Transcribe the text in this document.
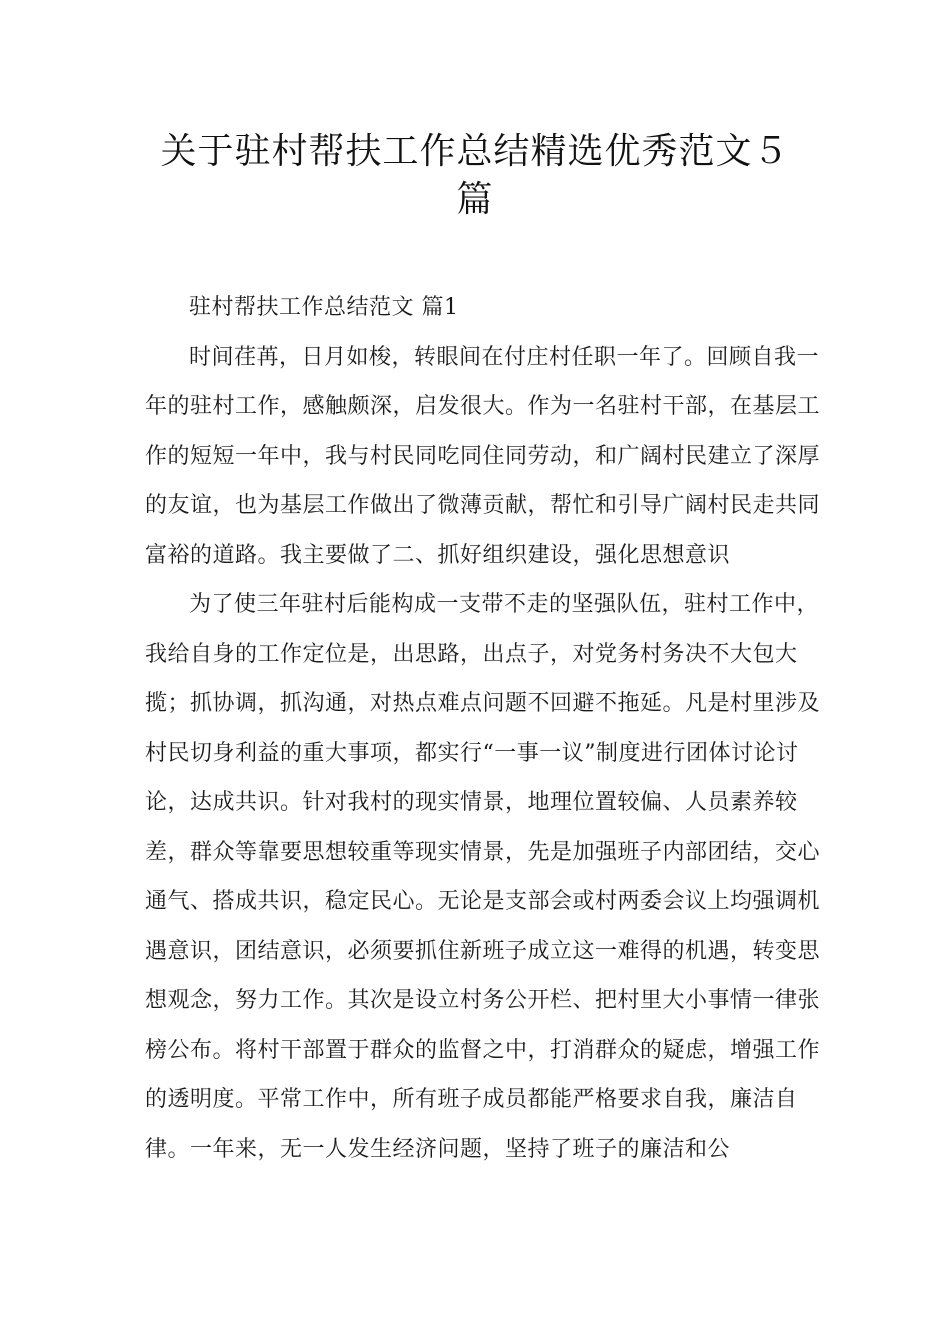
关于驻村帮扶工作总结精选优秀范文５篇

驻村帮扶工作总结范文 篇1

时间荏苒，日月如梭，转眼间在付庄村任职一年了。回顾自我一年的驻村工作，感触颇深，启发很大。作为一名驻村干部，在基层工作的短短一年中，我与村民同吃同住同劳动，和广阔村民建立了深厚的友谊，也为基层工作做出了微薄贡献，帮忙和引导广阔村民走共同富裕的道路。我主要做了二、抓好组织建设，强化思想意识

为了使三年驻村后能构成一支带不走的坚强队伍，驻村工作中，我给自身的工作定位是，出思路，出点子，对党务村务决不大包大揽；抓协调，抓沟通，对热点难点问题不回避不拖延。凡是村里涉及村民切身利益的重大事项，都实行“一事一议”制度进行团体讨论讨论，达成共识。针对我村的现实情景，地理位置较偏、人员素养较差，群众等靠要思想较重等现实情景，先是加强班子内部团结，交心通气、搭成共识，稳定民心。无论是支部会或村两委会议上均强调机遇意识，团结意识，必须要抓住新班子成立这一难得的机遇，转变思想观念，努力工作。其次是设立村务公开栏、把村里大小事情一律张榜公布。将村干部置于群众的监督之中，打消群众的疑虑，增强工作的透明度。平常工作中，所有班子成员都能严格要求自我，廉洁自律。一年来，无一人发生经济问题，坚持了班子的廉洁和公
